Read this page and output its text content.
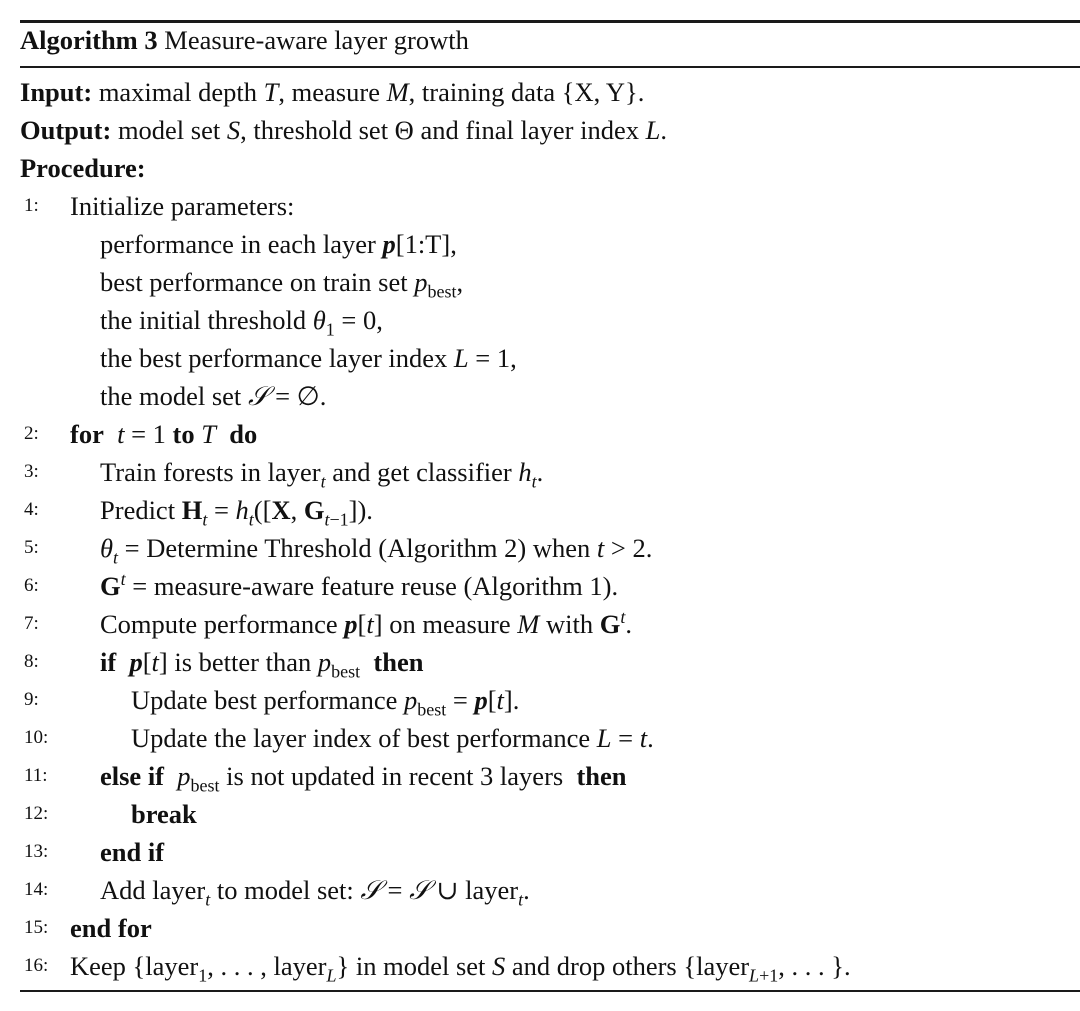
Algorithm 3 Measure-aware layer growth
Input: maximal depth T, measure M, training data {X, Y}.
Output: model set S, threshold set Θ and final layer index L.
Procedure:
1:	Initialize parameters:
performance in each layer p[1:T],
best performance on train set $p_{best}$,
the initial threshold $\theta_1 = 0$,
the best performance layer index L = 1,
the model set 𝒮 = ∅.
2:	for t = 1 to T do
3:	Train forests in layer$_t$ and get classifier $h_t$.
4:	Predict $H_t = h_t([X$, $G_{t-1}$]).
5:	$\theta_t$ = Determine Threshold (Algorithm 2) when t > 2.
6:	$G^t$ = measure-aware feature reuse (Algorithm 1).
7:	Compute performance p[t] on measure M with $G^t$.
8:	if p[t] is better than $p_{best}$ then
9:	Update best performance $p_{best} = p[t]$.
10:	Update the layer index of best performance L = t.
11:	else if $p_{best}$ is not updated in recent 3 layers then
12:	break
13:	end if
14:	Add layer$_t$ to model set: 𝒮 = 𝒮 ∪ layer$_t$.
15: end for
16: Keep {layer$_1$, . . . , layer$_L$} in model set S and drop others {layer$_{L+1}$, . . . }.
